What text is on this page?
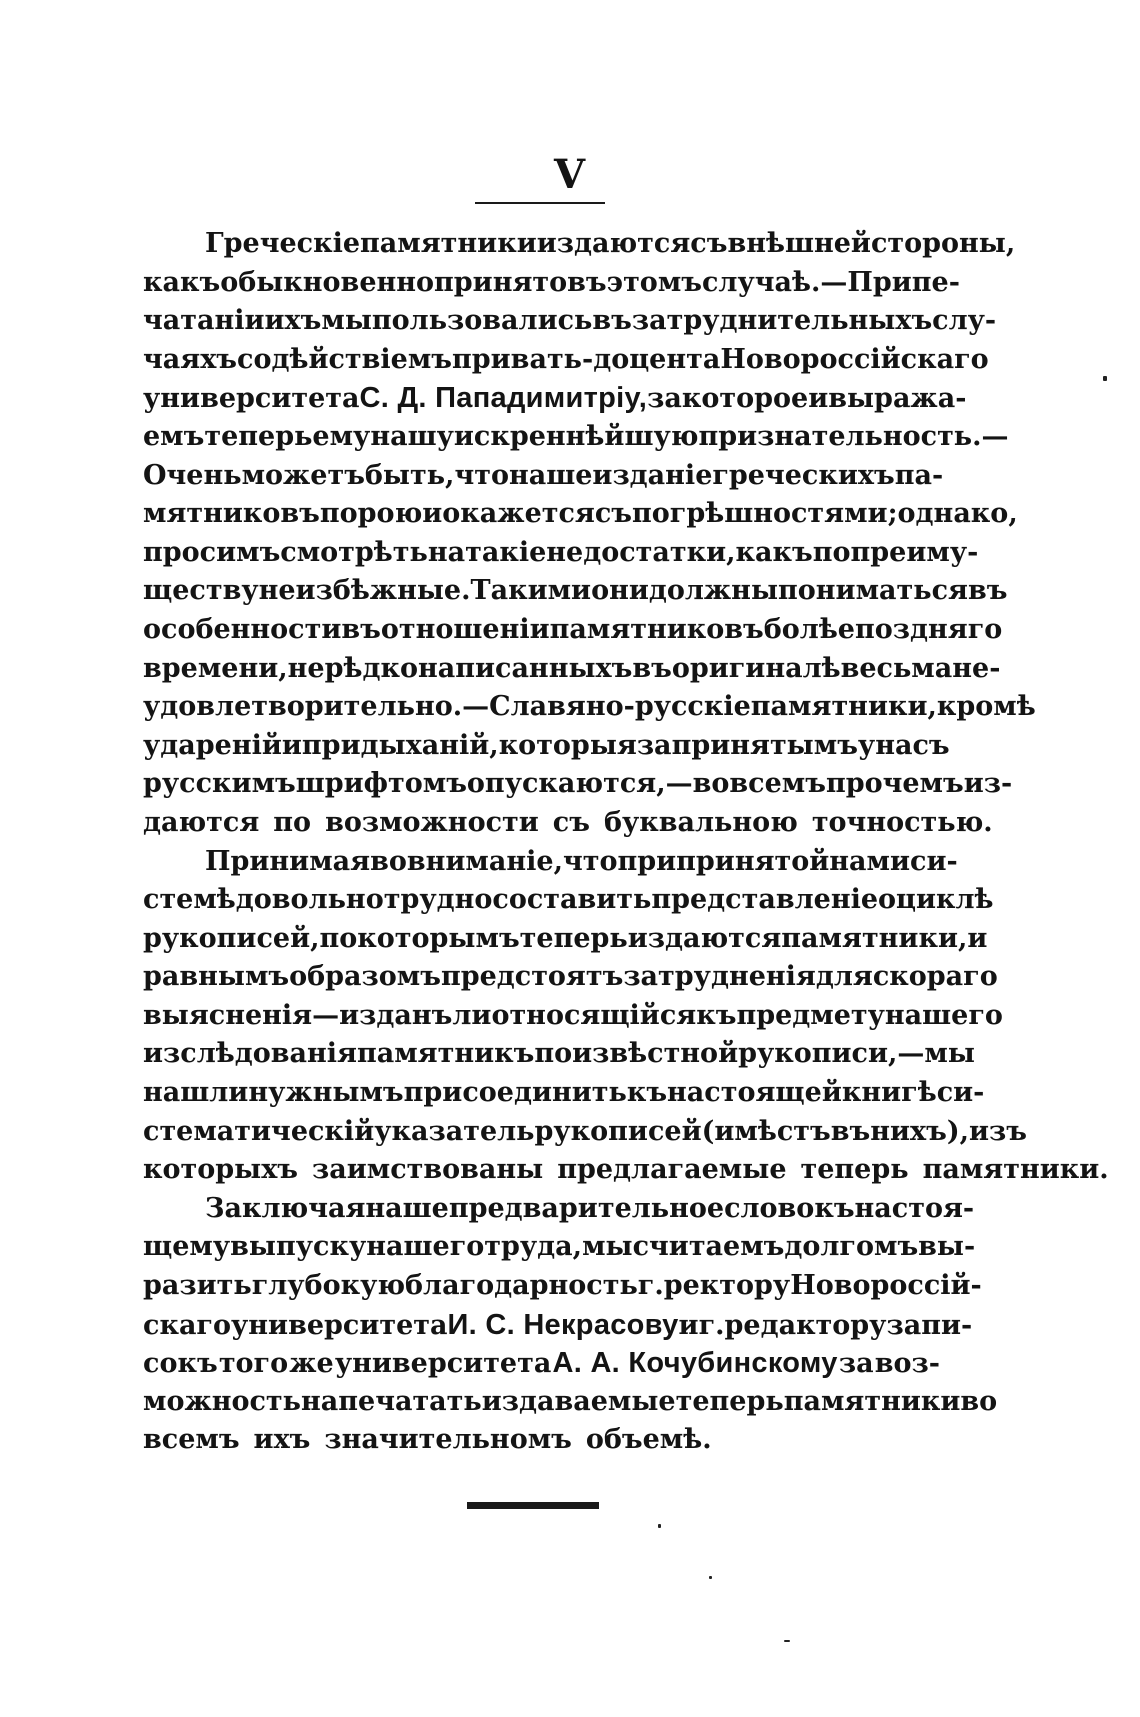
V
Греческіе памятники издаются съ внѣшней стороны,
какъ обыкновенно принято въ этомъ случаѣ. — При пе-
чатаніи ихъ мы пользовались въ затруднительныхъ слу-
чаяхъ содѣйствіемъ привать-доцента Новороссійскаго
университета С. Д. Пападимитріу, за которое и выража-
емъ теперь ему нашу искреннѣйшую признательность.—
Очень можетъ быть, что наше изданіе греческихъ па-
мятниковъ порою и окажется съ погрѣшностями; однако,
просимъ смотрѣть на такіе недостатки, какъ по преиму-
ществу неизбѣжные. Такими они должны пониматься въ
особенности въ отношеніи памятниковъ болѣе поздняго
времени, нерѣдко написанныхъ въ оригиналѣ весьма не-
удовлетворительно. — Славяно-русскіе памятники, кромѣ
удареній и придыханій, которыя за принятымъ у насъ
русскимъ шрифтомъ опускаются,— во всемъ прочемъ из-
даются по возможности съ буквальною точностью.
Принимая во вниманіе, что при принятой нами си-
стемѣ довольно трудно составить представленіе о циклѣ
рукописей, по которымъ теперь издаются памятники, и
равнымъ образомъ предстоятъ затрудненія для скораго
выясненія — изданъ ли относящійся къ предмету нашего
изслѣдованія памятникъ по извѣстной рукописи, — мы
нашли нужнымъ присоединить къ настоящей книгѣ си-
стематическій указатель рукописей (и мѣстъ въ нихъ), изъ
которыхъ заимствованы предлагаемые теперь памятники.
Заключая наше предварительное слово къ настоя-
щему выпуску нашего труда, мы считаемъ долгомъ вы-
разить глубокую благодарность г. ректору Новороссій-
скаго университета И. С. Некрасову и г. редактору запи-
сокъ того же университета А. А. Кочубинскому за воз-
можность напечатать издаваемые теперь памятники во
всемъ ихъ значительномъ объемѣ.
